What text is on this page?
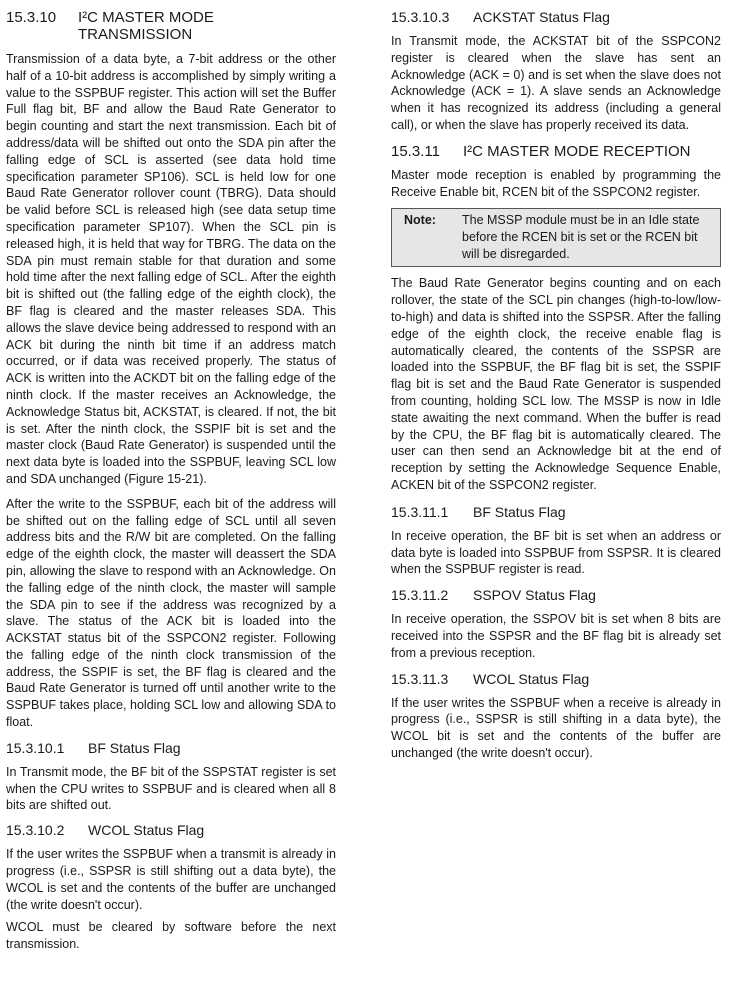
15.3.10	I²C MASTER MODE
TRANSMISSION

Transmission of a data byte, a 7-bit address or the other half of a 10-bit address is accomplished by simply writing a value to the SSPBUF register. This action will set the Buffer Full flag bit, BF and allow the Baud Rate Generator to begin counting and start the next transmission. Each bit of address/data will be shifted out onto the SDA pin after the falling edge of SCL is asserted (see data hold time specification parameter SP106). SCL is held low for one Baud Rate Generator rollover count (TBRG). Data should be valid before SCL is released high (see data setup time specification parameter SP107). When the SCL pin is released high, it is held that way for TBRG. The data on the SDA pin must remain stable for that duration and some hold time after the next falling edge of SCL. After the eighth bit is shifted out (the falling edge of the eighth clock), the BF flag is cleared and the master releases SDA. This allows the slave device being addressed to respond with an ACK bit during the ninth bit time if an address match occurred, or if data was received properly. The status of ACK is written into the ACKDT bit on the falling edge of the ninth clock. If the master receives an Acknowledge, the Acknowledge Status bit, ACKSTAT, is cleared. If not, the bit is set. After the ninth clock, the SSPIF bit is set and the master clock (Baud Rate Generator) is suspended until the next data byte is loaded into the SSPBUF, leaving SCL low and SDA unchanged (Figure 15-21).

After the write to the SSPBUF, each bit of the address will be shifted out on the falling edge of SCL until all seven address bits and the R/W bit are completed. On the falling edge of the eighth clock, the master will deassert the SDA pin, allowing the slave to respond with an Acknowledge. On the falling edge of the ninth clock, the master will sample the SDA pin to see if the address was recognized by a slave. The status of the ACK bit is loaded into the ACKSTAT status bit of the SSPCON2 register. Following the falling edge of the ninth clock transmission of the address, the SSPIF is set, the BF flag is cleared and the Baud Rate Generator is turned off until another write to the SSPBUF takes place, holding SCL low and allowing SDA to float.

15.3.10.1	BF Status Flag

In Transmit mode, the BF bit of the SSPSTAT register is set when the CPU writes to SSPBUF and is cleared when all 8 bits are shifted out.

15.3.10.2	WCOL Status Flag

If the user writes the SSPBUF when a transmit is already in progress (i.e., SSPSR is still shifting out a data byte), the WCOL is set and the contents of the buffer are unchanged (the write doesn't occur).

WCOL must be cleared by software before the next transmission.

15.3.10.3	ACKSTAT Status Flag

In Transmit mode, the ACKSTAT bit of the SSPCON2 register is cleared when the slave has sent an Acknowledge (ACK = 0) and is set when the slave does not Acknowledge (ACK = 1). A slave sends an Acknowledge when it has recognized its address (including a general call), or when the slave has properly received its data.

15.3.11	I²C MASTER MODE RECEPTION

Master mode reception is enabled by programming the Receive Enable bit, RCEN bit of the SSPCON2 register.

Note:	The MSSP module must be in an Idle state before the RCEN bit is set or the RCEN bit will be disregarded.

The Baud Rate Generator begins counting and on each rollover, the state of the SCL pin changes (high-to-low/low-to-high) and data is shifted into the SSPSR. After the falling edge of the eighth clock, the receive enable flag is automatically cleared, the contents of the SSPSR are loaded into the SSPBUF, the BF flag bit is set, the SSPIF flag bit is set and the Baud Rate Generator is suspended from counting, holding SCL low. The MSSP is now in Idle state awaiting the next command. When the buffer is read by the CPU, the BF flag bit is automatically cleared. The user can then send an Acknowledge bit at the end of reception by setting the Acknowledge Sequence Enable, ACKEN bit of the SSPCON2 register.

15.3.11.1	BF Status Flag

In receive operation, the BF bit is set when an address or data byte is loaded into SSPBUF from SSPSR. It is cleared when the SSPBUF register is read.

15.3.11.2	SSPOV Status Flag

In receive operation, the SSPOV bit is set when 8 bits are received into the SSPSR and the BF flag bit is already set from a previous reception.

15.3.11.3	WCOL Status Flag

If the user writes the SSPBUF when a receive is already in progress (i.e., SSPSR is still shifting in a data byte), the WCOL bit is set and the contents of the buffer are unchanged (the write doesn't occur).
